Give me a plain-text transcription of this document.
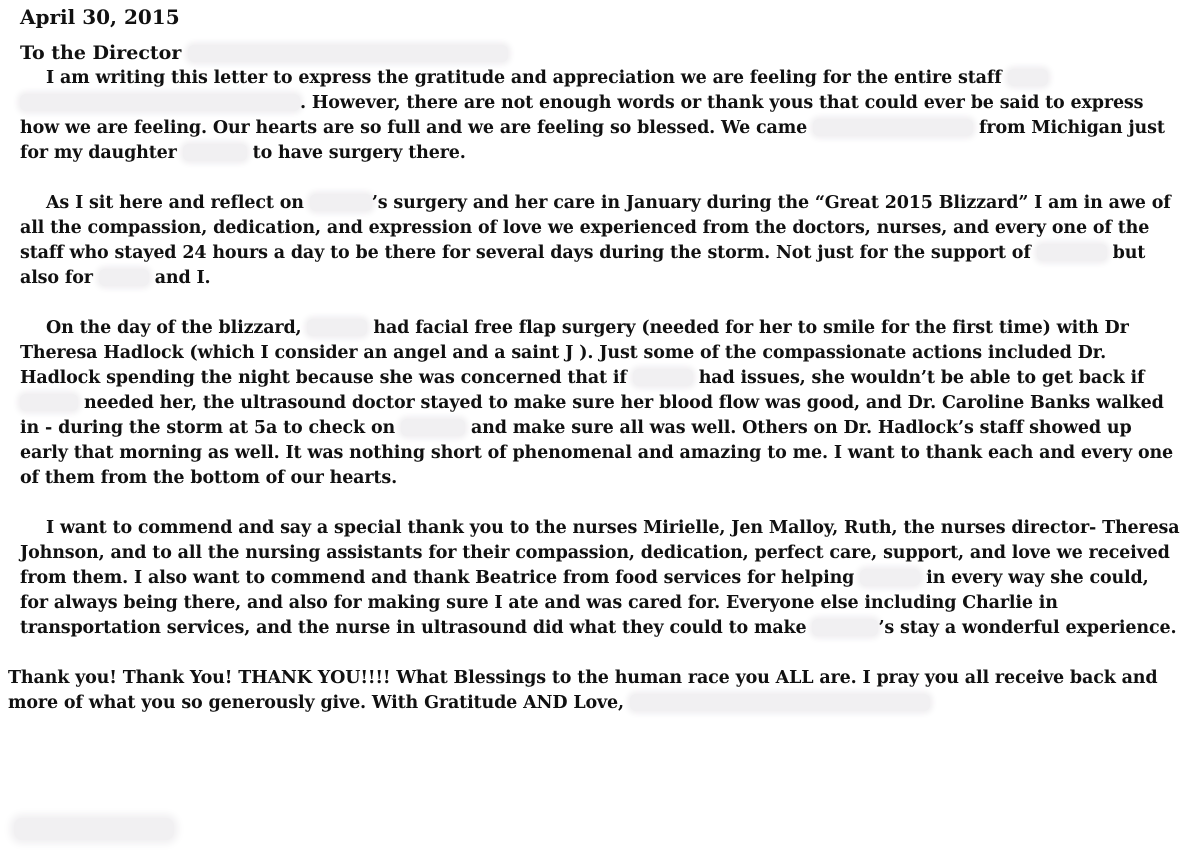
April 30, 2015
To the Director

I am writing this letter to express the gratitude and appreciation we are feeling for the entire staff
. However, there are not enough words or thank yous that could ever be said to express how we are feeling. Our hearts are so full and we are feeling so blessed. We came	from Michigan just for my daughter	to have surgery there.

As I sit here and reflect on	’s surgery and her care in January during the “Great 2015 Blizzard” I am in awe of all the compassion, dedication, and expression of love we experienced from the doctors, nurses, and every one of the staff who stayed 24 hours a day to be there for several days during the storm. Not just for the support of	but also for	and I.

On the day of the blizzard,	had facial free flap surgery (needed for her to smile for the first time) with Dr Theresa Hadlock (which I consider an angel and a saint J ). Just some of the compassionate actions included Dr. Hadlock spending the night because she was concerned that if	had issues, she wouldn’t be able to get back if  needed her, the ultrasound doctor stayed to make sure her blood flow was good, and Dr. Caroline Banks walked in - during the storm at 5a to check on	and make sure all was well. Others on Dr. Hadlock’s staff showed up early that morning as well. It was nothing short of phenomenal and amazing to me. I want to thank each and every one of them from the bottom of our hearts.

I want to commend and say a special thank you to the nurses Mirielle, Jen Malloy, Ruth, the nurses director- Theresa Johnson, and to all the nursing assistants for their compassion, dedication, perfect care, support, and love we received from them. I also want to commend and thank Beatrice from food services for helping	in every way she could, for always being there, and also for making sure I ate and was cared for. Everyone else including Charlie in transportation services, and the nurse in ultrasound did what they could to make	’s stay a wonderful experience.

Thank you! Thank You! THANK YOU!!!! What Blessings to the human race you ALL are. I pray you all receive back and more of what you so generously give. With Gratitude AND Love,
